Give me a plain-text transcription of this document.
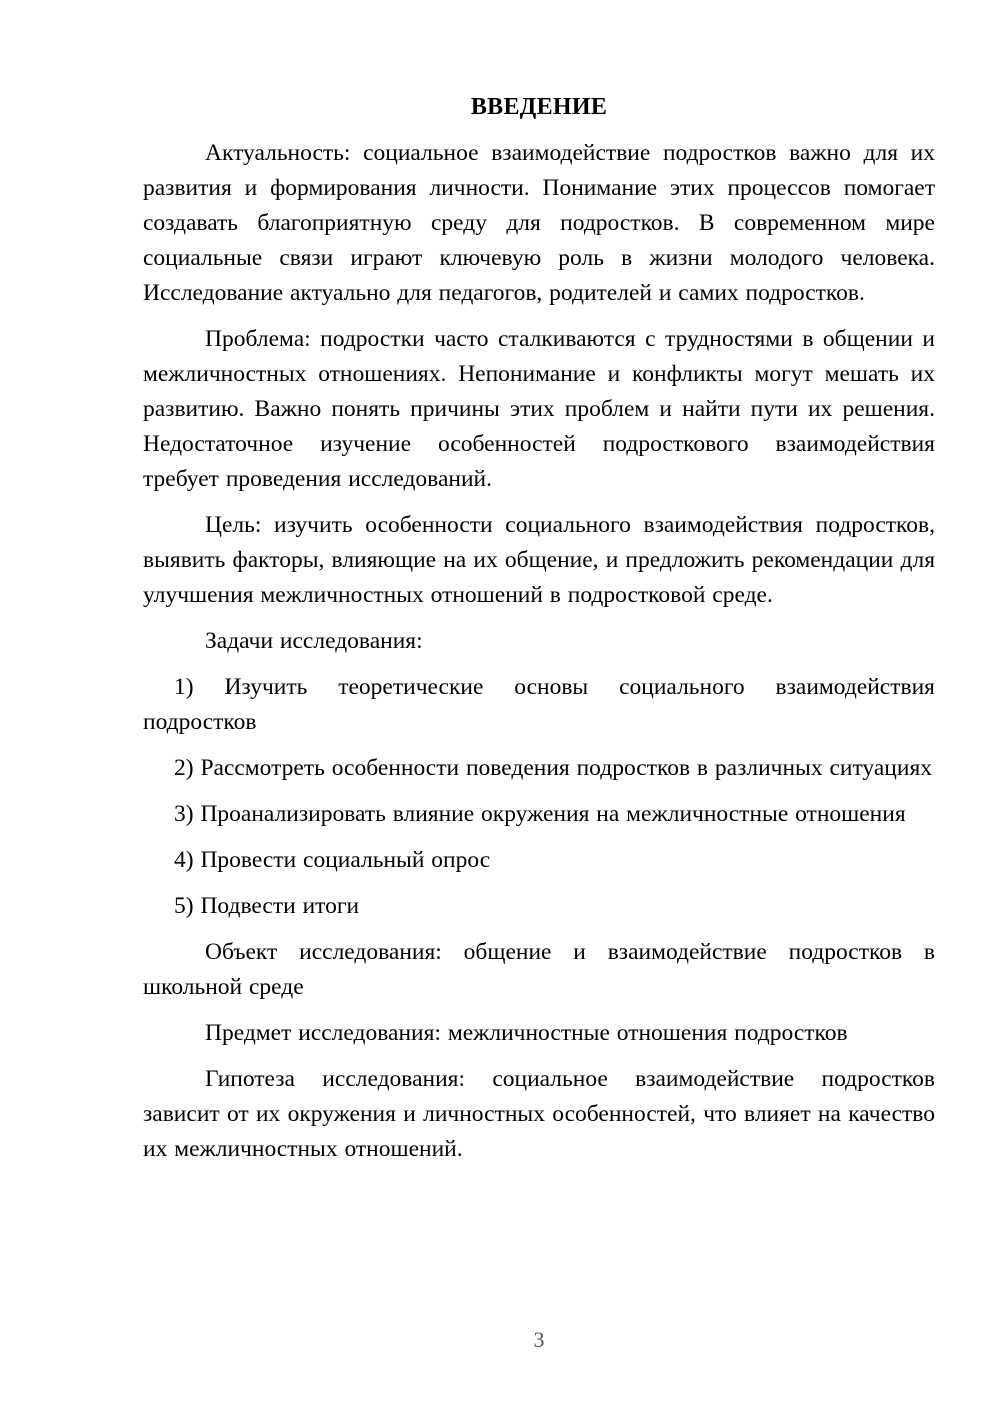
ВВЕДЕНИЕ

Актуальность: социальное взаимодействие подростков важно для их развития и формирования личности. Понимание этих процессов помогает создавать благоприятную среду для подростков. В современном мире социальные связи играют ключевую роль в жизни молодого человека. Исследование актуально для педагогов, родителей и самих подростков.

Проблема: подростки часто сталкиваются с трудностями в общении и межличностных отношениях. Непонимание и конфликты могут мешать их развитию. Важно понять причины этих проблем и найти пути их решения. Недостаточное изучение особенностей подросткового взаимодействия требует проведения исследований.

Цель: изучить особенности социального взаимодействия подростков, выявить факторы, влияющие на их общение, и предложить рекомендации для улучшения межличностных отношений в подростковой среде.

Задачи исследования:

1) Изучить теоретические основы социального взаимодействия подростков

2) Рассмотреть особенности поведения подростков в различных ситуациях

3) Проанализировать влияние окружения на межличностные отношения

4) Провести социальный опрос

5) Подвести итоги

Объект исследования: общение и взаимодействие подростков в школьной среде

Предмет исследования: межличностные отношения подростков

Гипотеза исследования: социальное взаимодействие подростков зависит от их окружения и личностных особенностей, что влияет на качество их межличностных отношений.

3
